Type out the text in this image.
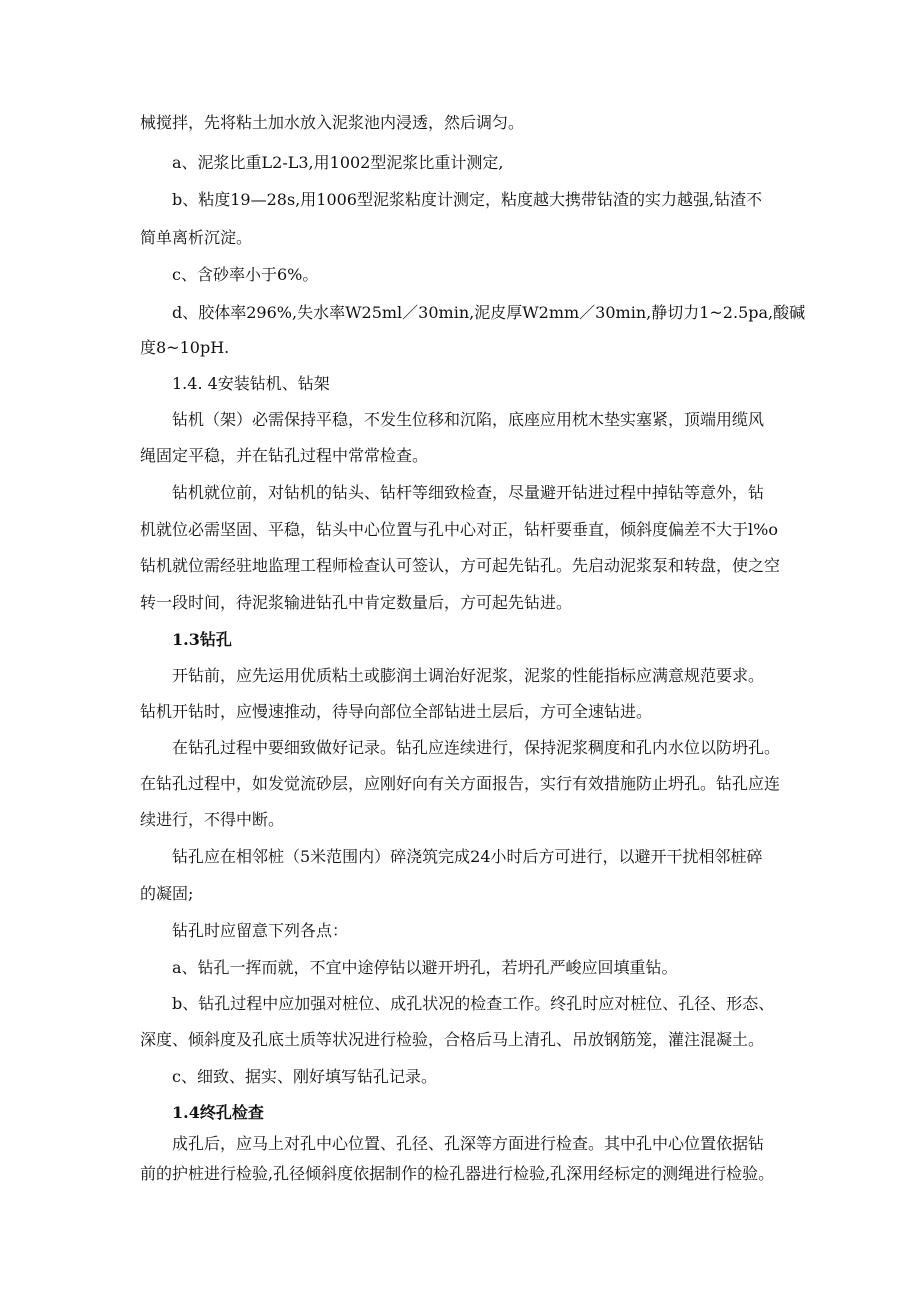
械搅拌，先将粘土加水放入泥浆池内浸透，然后调匀。

a、泥浆比重L2-L3,用1002型泥浆比重计测定,

b、粘度19—28s,用1006型泥浆粘度计测定，粘度越大携带钻渣的实力越强,钻渣不

简单离析沉淀。

c、含砂率小于6%。

d、胶体率296%,失水率W25ml／30min,泥皮厚W2mm／30min,静切力1~2.5pa,酸碱

度8~10pH.

1.4. 4安装钻机、钻架

钻机（架）必需保持平稳，不发生位移和沉陷，底座应用枕木垫实塞紧，顶端用缆风

绳固定平稳，并在钻孔过程中常常检查。

钻机就位前，对钻机的钻头、钻杆等细致检查，尽量避开钻进过程中掉钻等意外，钻

机就位必需坚固、平稳，钻头中心位置与孔中心对正，钻杆要垂直，倾斜度偏差不大于l%o

钻机就位需经驻地监理工程师检查认可签认，方可起先钻孔。先启动泥浆泵和转盘，使之空

转一段时间，待泥浆输进钻孔中肯定数量后，方可起先钻进。

1.3钻孔

开钻前，应先运用优质粘土或膨润土调治好泥浆，泥浆的性能指标应满意规范要求。

钻机开钻时，应慢速推动，待导向部位全部钻进土层后，方可全速钻进。

在钻孔过程中要细致做好记录。钻孔应连续进行，保持泥浆稠度和孔内水位以防坍孔。

在钻孔过程中，如发觉流砂层，应刚好向有关方面报告，实行有效措施防止坍孔。钻孔应连

续进行，不得中断。

钻孔应在相邻桩（5米范围内）碎浇筑完成24小时后方可进行，以避开干扰相邻桩碎

的凝固;

钻孔时应留意下列各点：

a、钻孔一挥而就，不宜中途停钻以避开坍孔，若坍孔严峻应回填重钻。

b、钻孔过程中应加强对桩位、成孔状况的检查工作。终孔时应对桩位、孔径、形态、

深度、倾斜度及孔底土质等状况进行检验，合格后马上清孔、吊放钢筋笼，灌注混凝土。

c、细致、据实、刚好填写钻孔记录。

1.4终孔检查

成孔后，应马上对孔中心位置、孔径、孔深等方面进行检查。其中孔中心位置依据钻

前的护桩进行检验,孔径倾斜度依据制作的检孔器进行检验,孔深用经标定的测绳进行检验。
